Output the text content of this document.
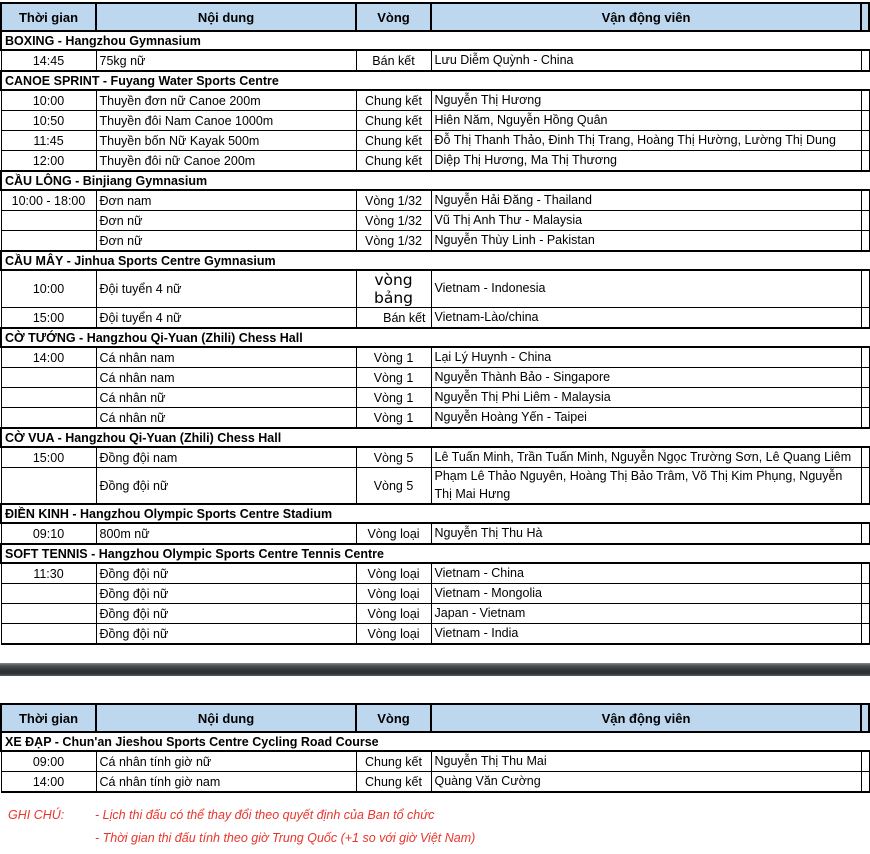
Thời gian	Nội dung	Vòng	Vận động viên	
BOXING - Hangzhou Gymnasium				
14:45	75kg nữ	Bán kết	Lưu Diễm Quỳnh - China	
CANOE SPRINT - Fuyang Water Sports Centre				
10:00	Thuyền đơn nữ Canoe 200m	Chung kết	Nguyễn Thị Hương	
10:50	Thuyền đôi Nam Canoe 1000m	Chung kết	Hiên Năm, Nguyễn Hồng Quân	
11:45	Thuyền bốn Nữ Kayak 500m	Chung kết	Đỗ Thị Thanh Thảo, Đinh Thị Trang, Hoàng Thị Hường, Lường Thị Dung	
12:00	Thuyền đôi nữ Canoe 200m	Chung kết	Diệp Thị Hương, Ma Thị Thương	
CẦU LÔNG - Binjiang Gymnasium				
10:00 - 18:00	Đơn nam	Vòng 1/32	Nguyễn Hải Đăng - Thailand	
	Đơn nữ	Vòng 1/32	Vũ Thị Anh Thư - Malaysia	
	Đơn nữ	Vòng 1/32	Nguyễn Thùy Linh - Pakistan	
CẦU MÂY - Jinhua Sports Centre Gymnasium				
10:00	Đội tuyển 4 nữ	vòng bảng	Vietnam - Indonesia	
15:00	Đội tuyển 4 nữ	Bán kết	Vietnam-Lào/china	
CỜ TƯỚNG - Hangzhou Qi-Yuan (Zhili) Chess Hall				
14:00	Cá nhân nam	Vòng 1	Lại Lý Huynh - China	
	Cá nhân nam	Vòng 1	Nguyễn Thành Bảo - Singapore	
	Cá nhân nữ	Vòng 1	Nguyễn Thị Phi Liêm - Malaysia	
	Cá nhân nữ	Vòng 1	Nguyễn Hoàng Yến - Taipei	
CỜ VUA - Hangzhou Qi-Yuan (Zhili) Chess Hall				
15:00	Đồng đội nam	Vòng 5	Lê Tuấn Minh, Trần Tuấn Minh, Nguyễn Ngọc Trường Sơn, Lê Quang Liêm	
	Đồng đội nữ	Vòng 5	Phạm Lê Thảo Nguyên, Hoàng Thị Bảo Trâm, Võ Thị Kim Phụng, Nguyễn Thị Mai Hưng	
ĐIỀN KINH - Hangzhou Olympic Sports Centre Stadium				
09:10	800m nữ	Vòng loại	Nguyễn Thị Thu Hà	
SOFT TENNIS - Hangzhou Olympic Sports Centre Tennis Centre				
11:30	Đồng đội nữ	Vòng loại	Vietnam - China	
	Đồng đội nữ	Vòng loại	Vietnam - Mongolia	
	Đồng đội nữ	Vòng loại	Japan - Vietnam	
	Đồng đội nữ	Vòng loại	Vietnam - India	
Thời gian	Nội dung	Vòng	Vận động viên	
XE ĐẠP - Chun'an Jieshou Sports Centre Cycling Road Course				
09:00	Cá nhân tính giờ nữ	Chung kết	Nguyễn Thị Thu Mai	
14:00	Cá nhân tính giờ nam	Chung kết	Quàng Văn Cường	
GHI CHÚ:	- Lịch thi đấu có thể thay đổi theo quyết định của Ban tổ chức
- Thời gian thi đấu tính theo giờ Trung Quốc (+1 so với giờ Việt Nam)
